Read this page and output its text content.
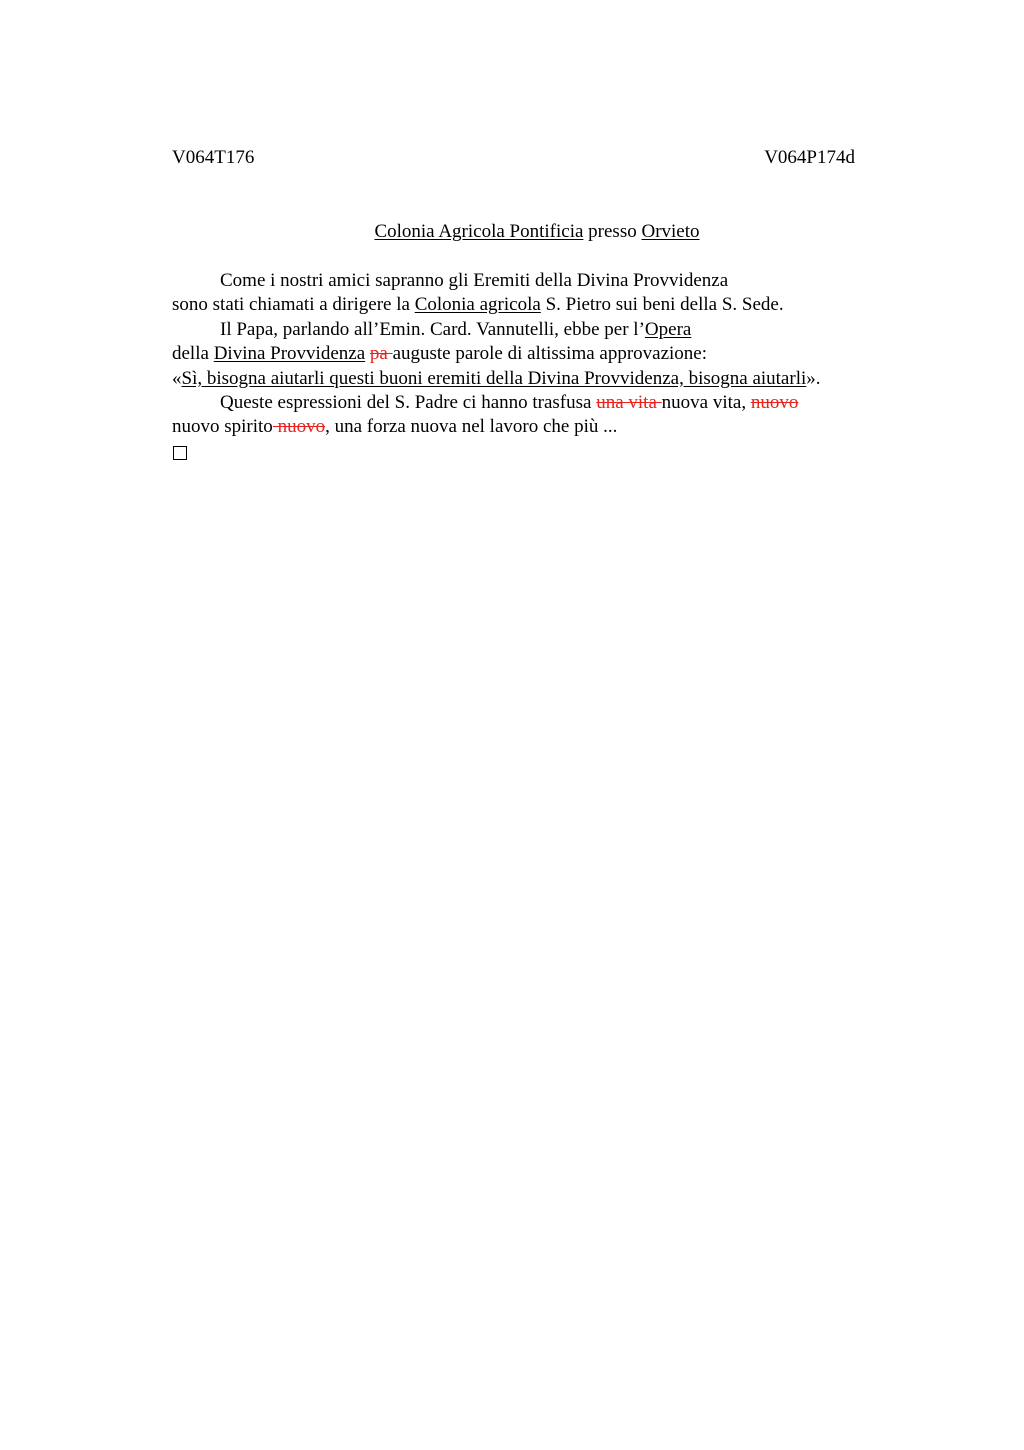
V064T176	V064P174d
Colonia Agricola Pontificia presso Orvieto
Come i nostri amici sapranno gli Eremiti della Divina Provvidenza
sono stati chiamati a dirigere la Colonia agricola S. Pietro sui beni della S. Sede.
Il Papa, parlando all’Emin. Card. Vannutelli, ebbe per l’Opera
della Divina Provvidenza pa auguste parole di altissima approvazione:
«Sì, bisogna aiutarli questi buoni eremiti della Divina Provvidenza, bisogna aiutarli».
Queste espressioni del S. Padre ci hanno trasfusa una vita nuova vita, nuovo
nuovo spirito nuovo, una forza nuova nel lavoro che più ...
